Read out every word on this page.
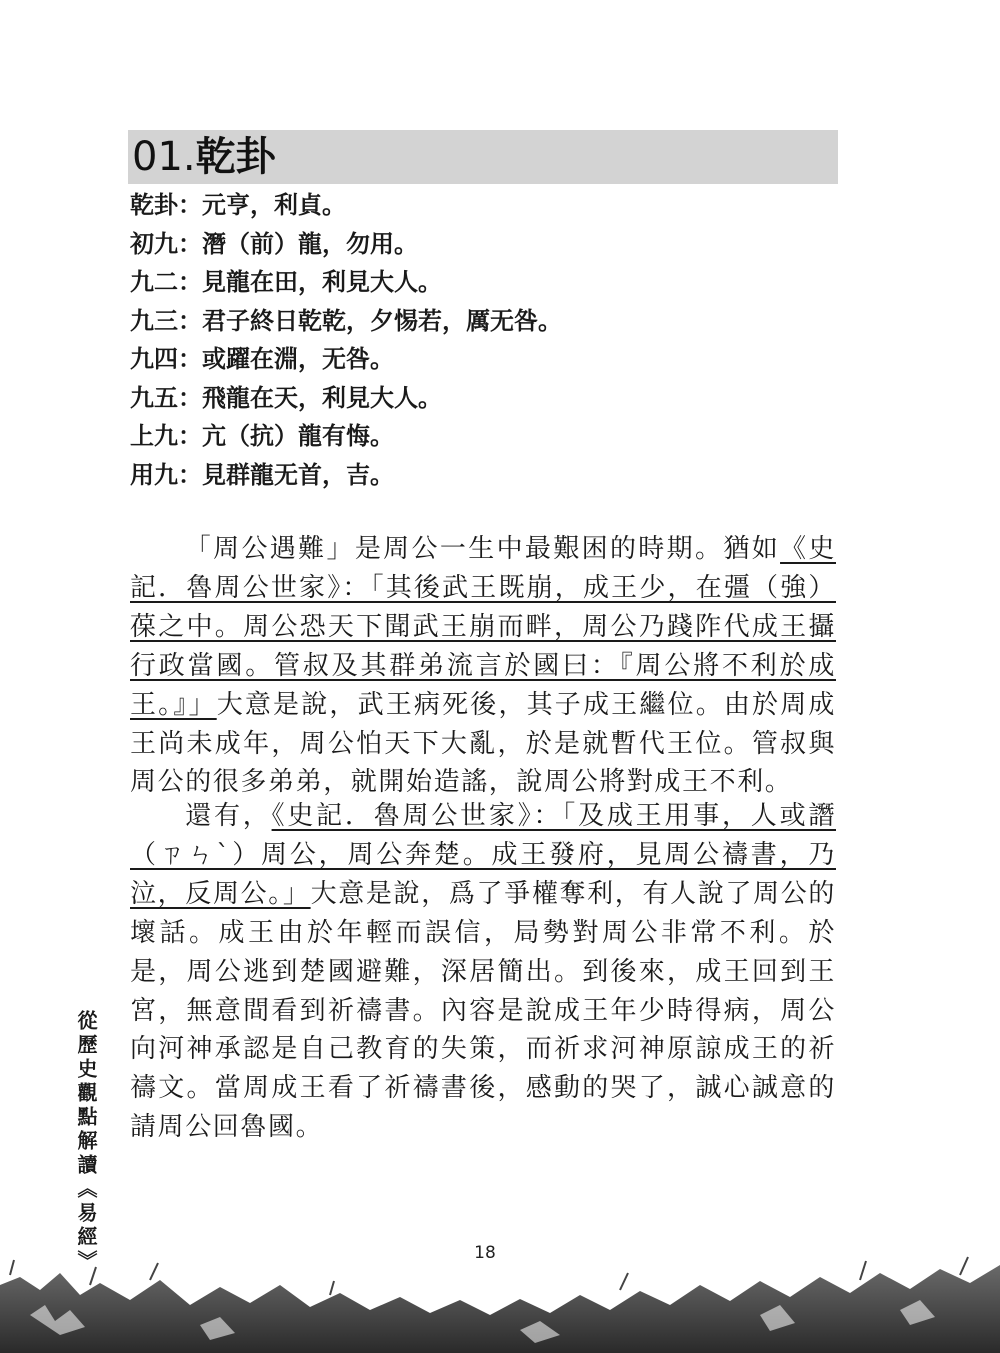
01.乾卦
乾卦：元亨，利貞。
初九：潛（前）龍，勿用。
九二：見龍在田，利見大人。
九三：君子終日乾乾，夕惕若，厲无咎。
九四：或躍在淵，无咎。
九五：飛龍在天，利見大人。
上九：亢（抗）龍有悔。
用九：見群龍无首，吉。

「周公遇難」是周公一生中最艱困的時期。猶如《史記．魯周公世家》：「其後武王既崩，成王少，在彊（強）葆之中。周公恐天下聞武王崩而畔，周公乃踐阼代成王攝行政當國。管叔及其群弟流言於國曰：『周公將不利於成王。』」大意是說，武王病死後，其子成王繼位。由於周成王尚未成年，周公怕天下大亂，於是就暫代王位。管叔與周公的很多弟弟，就開始造謠，說周公將對成王不利。

還有，《史記．魯周公世家》：「及成王用事，人或譖（ㄗㄣˋ）周公，周公奔楚。成王發府，見周公禱書，乃泣，反周公。」大意是說，爲了爭權奪利，有人說了周公的壞話。成王由於年輕而誤信，局勢對周公非常不利。於是，周公逃到楚國避難，深居簡出。到後來，成王回到王宮，無意間看到祈禱書。內容是說成王年少時得病，周公向河神承認是自己教育的失策，而祈求河神原諒成王的祈禱文。當周成王看了祈禱書後，感動的哭了，誠心誠意的請周公回魯國。

從歷史觀點解讀《易經》	18
